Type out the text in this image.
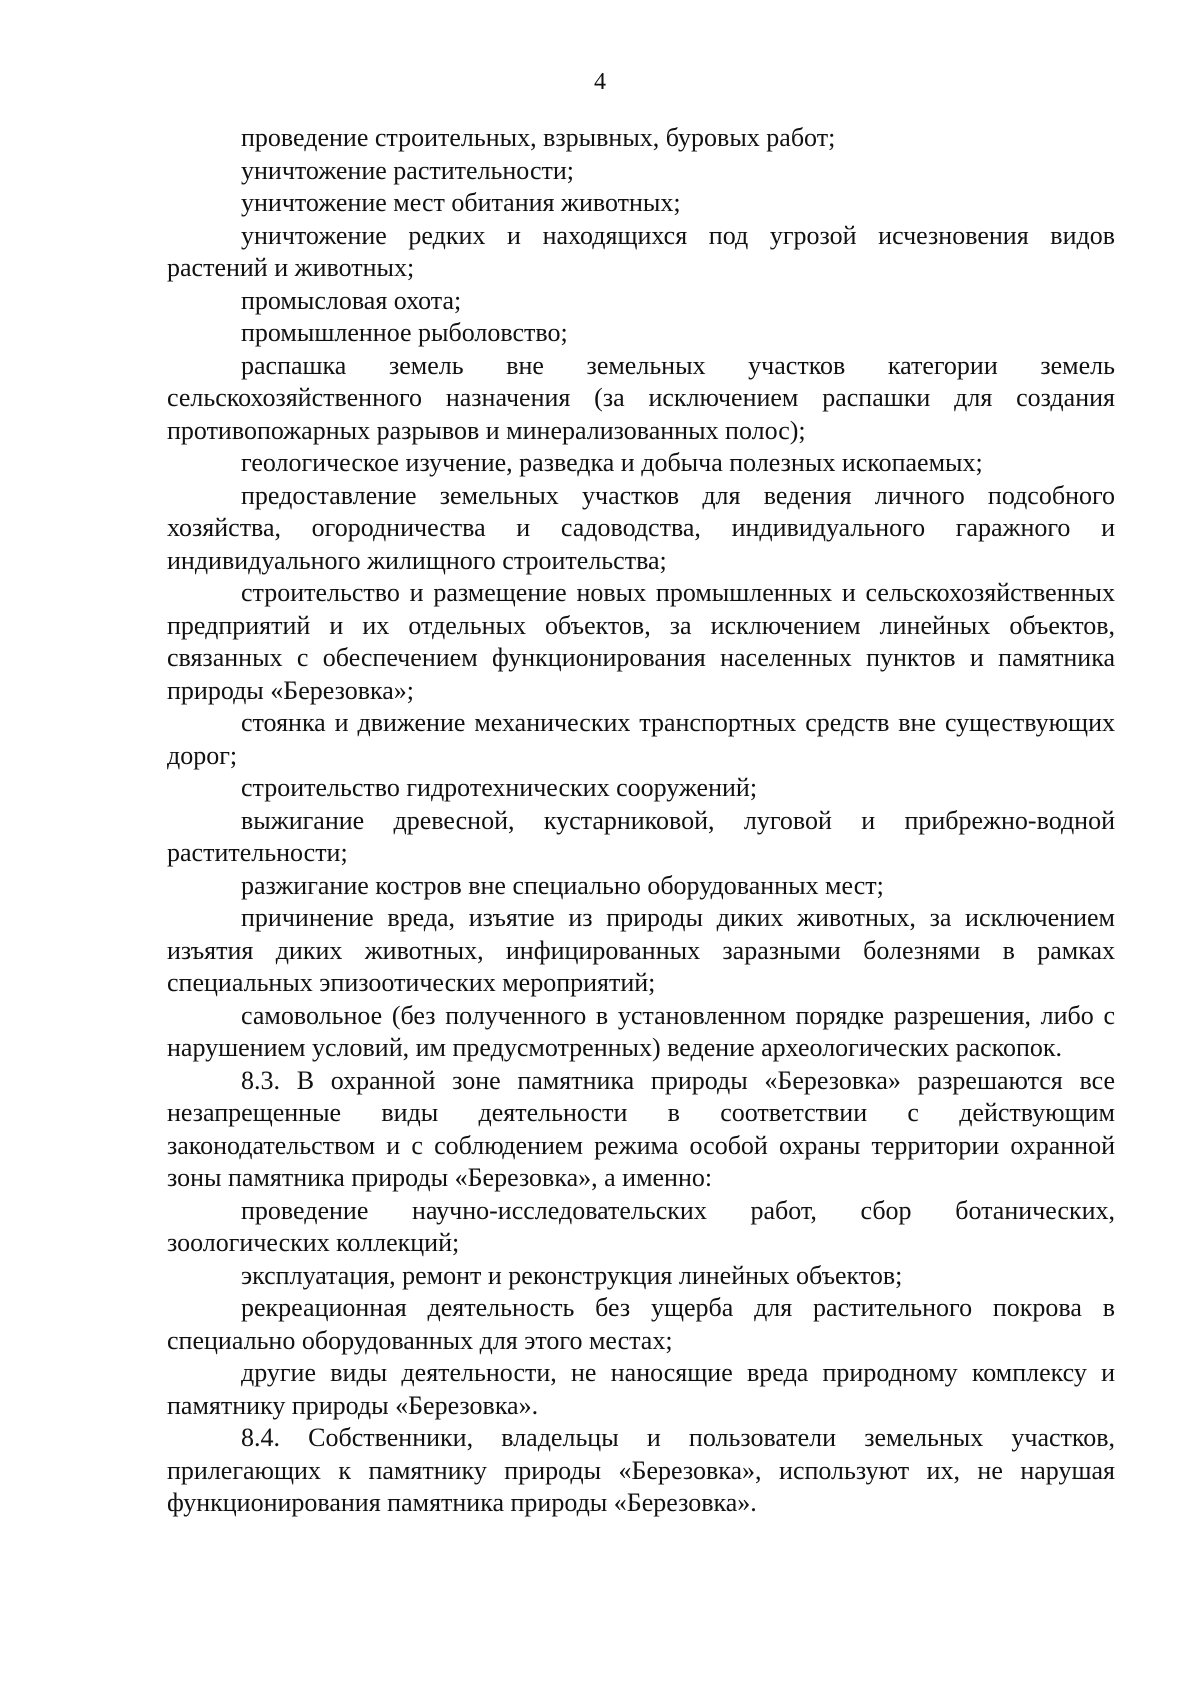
4

проведение строительных, взрывных, буровых работ;

уничтожение растительности;

уничтожение мест обитания животных;

уничтожение редких и находящихся под угрозой исчезновения видов растений и животных;

промысловая охота;

промышленное рыболовство;

распашка земель вне земельных участков категории земель сельскохозяйственного назначения (за исключением распашки для создания противопожарных разрывов и минерализованных полос);

геологическое изучение, разведка и добыча полезных ископаемых;

предоставление земельных участков для ведения личного подсобного хозяйства, огородничества и садоводства, индивидуального гаражного и индивидуального жилищного строительства;

строительство и размещение новых промышленных и сельскохозяйственных предприятий и их отдельных объектов, за исключением линейных объектов, связанных с обеспечением функционирования населенных пунктов и памятника природы «Березовка»;

стоянка и движение механических транспортных средств вне существующих дорог;

строительство гидротехнических сооружений;

выжигание древесной, кустарниковой, луговой и прибрежно-водной растительности;

разжигание костров вне специально оборудованных мест;

причинение вреда, изъятие из природы диких животных, за исключением изъятия диких животных, инфицированных заразными болезнями в рамках специальных эпизоотических мероприятий;

самовольное (без полученного в установленном порядке разрешения, либо с нарушением условий, им предусмотренных) ведение археологических раскопок.

8.3. В охранной зоне памятника природы «Березовка» разрешаются все незапрещенные виды деятельности в соответствии с действующим законодательством и с соблюдением режима особой охраны территории охранной зоны памятника природы «Березовка», а именно:

проведение научно-исследовательских работ, сбор ботанических, зоологических коллекций;

эксплуатация, ремонт и реконструкция линейных объектов;

рекреационная деятельность без ущерба для растительного покрова в специально оборудованных для этого местах;

другие виды деятельности, не наносящие вреда природному комплексу и памятнику природы «Березовка».

8.4. Собственники, владельцы и пользователи земельных участков, прилегающих к памятнику природы «Березовка», используют их, не нарушая функционирования памятника природы «Березовка».
